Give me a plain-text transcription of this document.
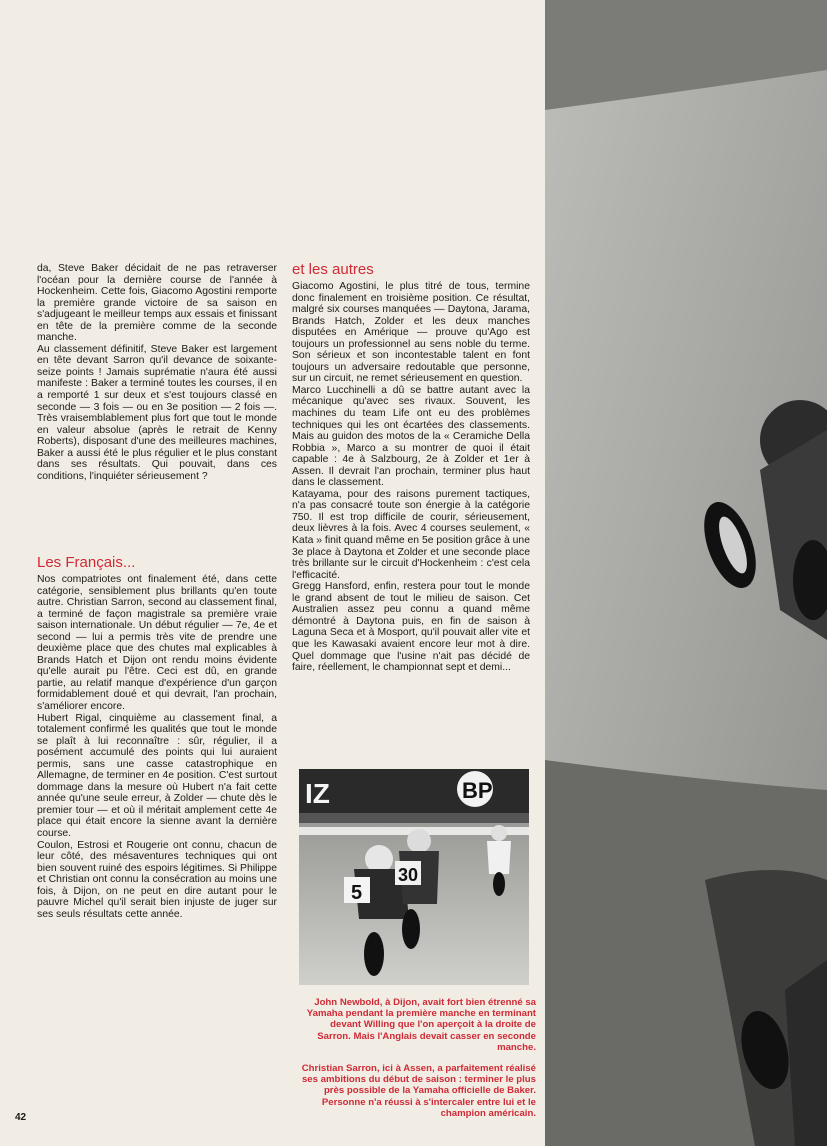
da, Steve Baker décidait de ne pas retraverser l'océan pour la dernière course de l'année à Hockenheim. Cette fois, Giacomo Agostini remporte la première grande victoire de sa saison en s'adjugeant le meilleur temps aux essais et finissant en tête de la première comme de la seconde manche.

Au classement définitif, Steve Baker est largement en tête devant Sarron qu'il devance de soixante-seize points ! Jamais suprématie n'aura été aussi manifeste : Baker a terminé toutes les courses, il en a remporté 1 sur deux et s'est toujours classé en seconde — 3 fois — ou en 3e position — 2 fois —. Très vraisemblablement plus fort que tout le monde en valeur absolue (après le retrait de Kenny Roberts), disposant d'une des meilleures machines, Baker a aussi été le plus régulier et le plus constant dans ses résultats. Qui pouvait, dans ces conditions, l'inquiéter sérieusement ?

Les Français...

Nos compatriotes ont finalement été, dans cette catégorie, sensiblement plus brillants qu'en toute autre. Christian Sarron, second au classement final, a terminé de façon magistrale sa première vraie saison internationale. Un début régulier — 7e, 4e et second — lui a permis très vite de prendre une deuxième place que des chutes mal explicables à Brands Hatch et Dijon ont rendu moins évidente qu'elle aurait pu l'être. Ceci est dû, en grande partie, au relatif manque d'expérience d'un garçon formidablement doué et qui devrait, l'an prochain, s'améliorer encore.

Hubert Rigal, cinquième au classement final, a totalement confirmé les qualités que tout le monde se plaît à lui reconnaître : sûr, régulier, il a posément accumulé des points qui lui auraient permis, sans une casse catastrophique en Allemagne, de terminer en 4e position. C'est surtout dommage dans la mesure où Hubert n'a fait cette année qu'une seule erreur, à Zolder — chute dès le premier tour — et où il méritait amplement cette 4e place qui était encore la sienne avant la dernière course.

Coulon, Estrosi et Rougerie ont connu, chacun de leur côté, des mésaventures techniques qui ont bien souvent ruiné des espoirs légitimes. Si Philippe et Christian ont connu la consécration au moins une fois, à Dijon, on ne peut en dire autant pour le pauvre Michel qu'il serait bien injuste de juger sur ses seuls résultats cette année.

et les autres

Giacomo Agostini, le plus titré de tous, termine donc finalement en troisième position. Ce résultat, malgré six courses manquées — Daytona, Jarama, Brands Hatch, Zolder et les deux manches disputées en Amérique — prouve qu'Ago est toujours un professionnel au sens noble du terme. Son sérieux et son incontestable talent en font toujours un adversaire redoutable que personne, sur un circuit, ne remet sérieusement en question.

Marco Lucchinelli a dû se battre autant avec la mécanique qu'avec ses rivaux. Souvent, les machines du team Life ont eu des problèmes techniques qui les ont écartées des classements. Mais au guidon des motos de la « Ceramiche Della Robbia », Marco a su montrer de quoi il était capable : 4e à Salzbourg, 2e à Zolder et 1er à Assen. Il devrait l'an prochain, terminer plus haut dans le classement.

Katayama, pour des raisons purement tactiques, n'a pas consacré toute son énergie à la catégorie 750. Il est trop difficile de courir, sérieusement, deux lièvres à la fois. Avec 4 courses seulement, « Kata » finit quand même en 5e position grâce à une 3e place à Daytona et Zolder et une seconde place très brillante sur le circuit d'Hockenheim : c'est cela l'efficacité.

Gregg Hansford, enfin, restera pour tout le monde le grand absent de tout le milieu de saison. Cet Australien assez peu connu a quand même démontré à Daytona puis, en fin de saison à Laguna Seca et à Mosport, qu'il pouvait aller vite et que les Kawasaki avaient encore leur mot à dire. Quel dommage que l'usine n'ait pas décidé de faire, réellement, le championnat sept et demi...

IZ	BP
5
30
John Newbold, à Dijon, avait fort bien étrenné sa Yamaha pendant la première manche en terminant devant Willing que l'on aperçoit à la droite de Sarron. Mais l'Anglais devait casser en seconde manche.
Christian Sarron, ici à Assen, a parfaitement réalisé ses ambitions du début de saison : terminer le plus près possible de la Yamaha officielle de Baker. Personne n'a réussi à s'intercaler entre lui et le champion américain.
42
